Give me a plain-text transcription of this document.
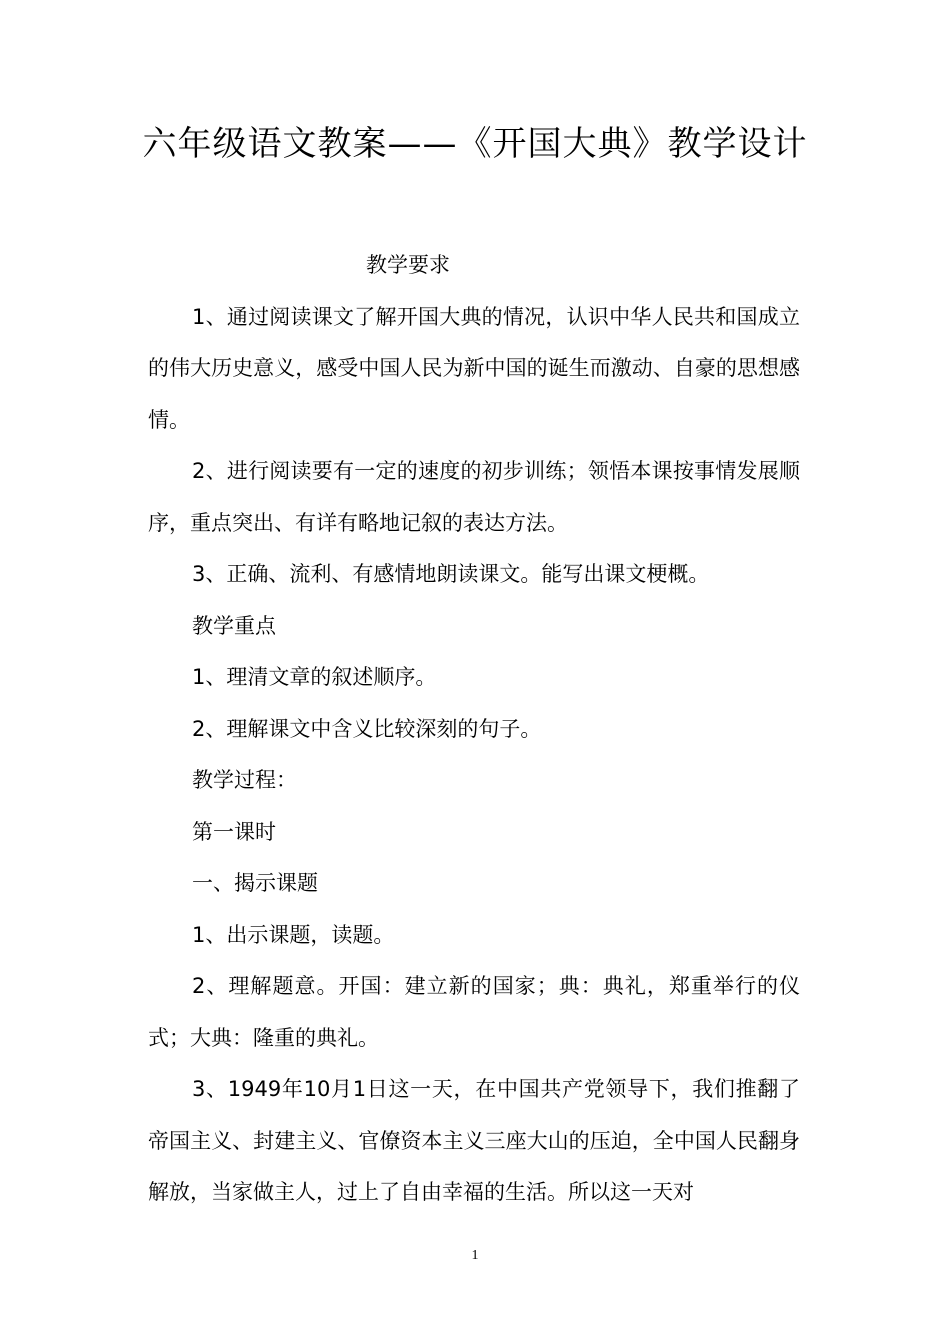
六年级语文教案——《开国大典》教学设计

教学要求

1、通过阅读课文了解开国大典的情况，认识中华人民共和国成立的伟大历史意义，感受中国人民为新中国的诞生而激动、自豪的思想感情。

2、进行阅读要有一定的速度的初步训练；领悟本课按事情发展顺序，重点突出、有详有略地记叙的表达方法。

3、正确、流利、有感情地朗读课文。能写出课文梗概。

教学重点

1、理清文章的叙述顺序。

2、理解课文中含义比较深刻的句子。

教学过程：

第一课时

一、揭示课题

1、出示课题，读题。

2、理解题意。开国：建立新的国家；典：典礼，郑重举行的仪式；大典：隆重的典礼。

3、1949年10月1日这一天，在中国共产党领导下，我们推翻了帝国主义、封建主义、官僚资本主义三座大山的压迫，全中国人民翻身解放，当家做主人，过上了自由幸福的生活。所以这一天对

1
